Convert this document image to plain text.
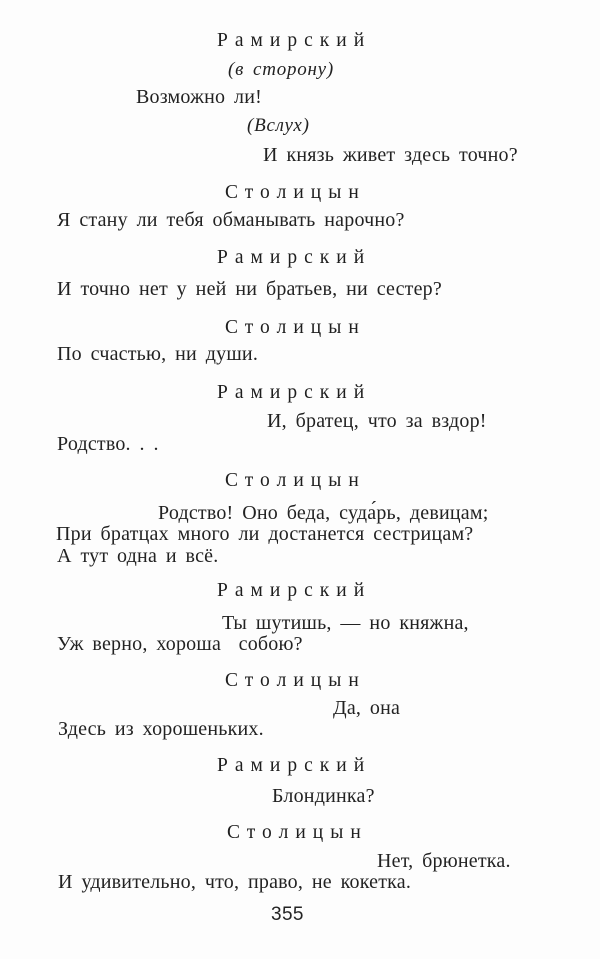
Рамирский
(в сторону)
Возможно ли!
(Вслух)
И князь живет здесь точно?
Столицын
Я стану ли тебя обманывать нарочно?
Рамирский
И точно нет у ней ни братьев, ни сестер?
Столицын
По счастью, ни души.
Рамирский
И, братец, что за вздор!
Родство. . .
Столицын
Родство! Оно беда, суда́рь, девицам;
При братцах много ли достанется сестрицам?
А тут одна и всё.
Рамирский
Ты шутишь, — но княжна,
Уж верно, хороша  собою?
Столицын
Да, она
Здесь из хорошеньких.
Рамирский
Блондинка?
Столицын
Нет, брюнетка.
И удивительно, что, право, не кокетка.
355
